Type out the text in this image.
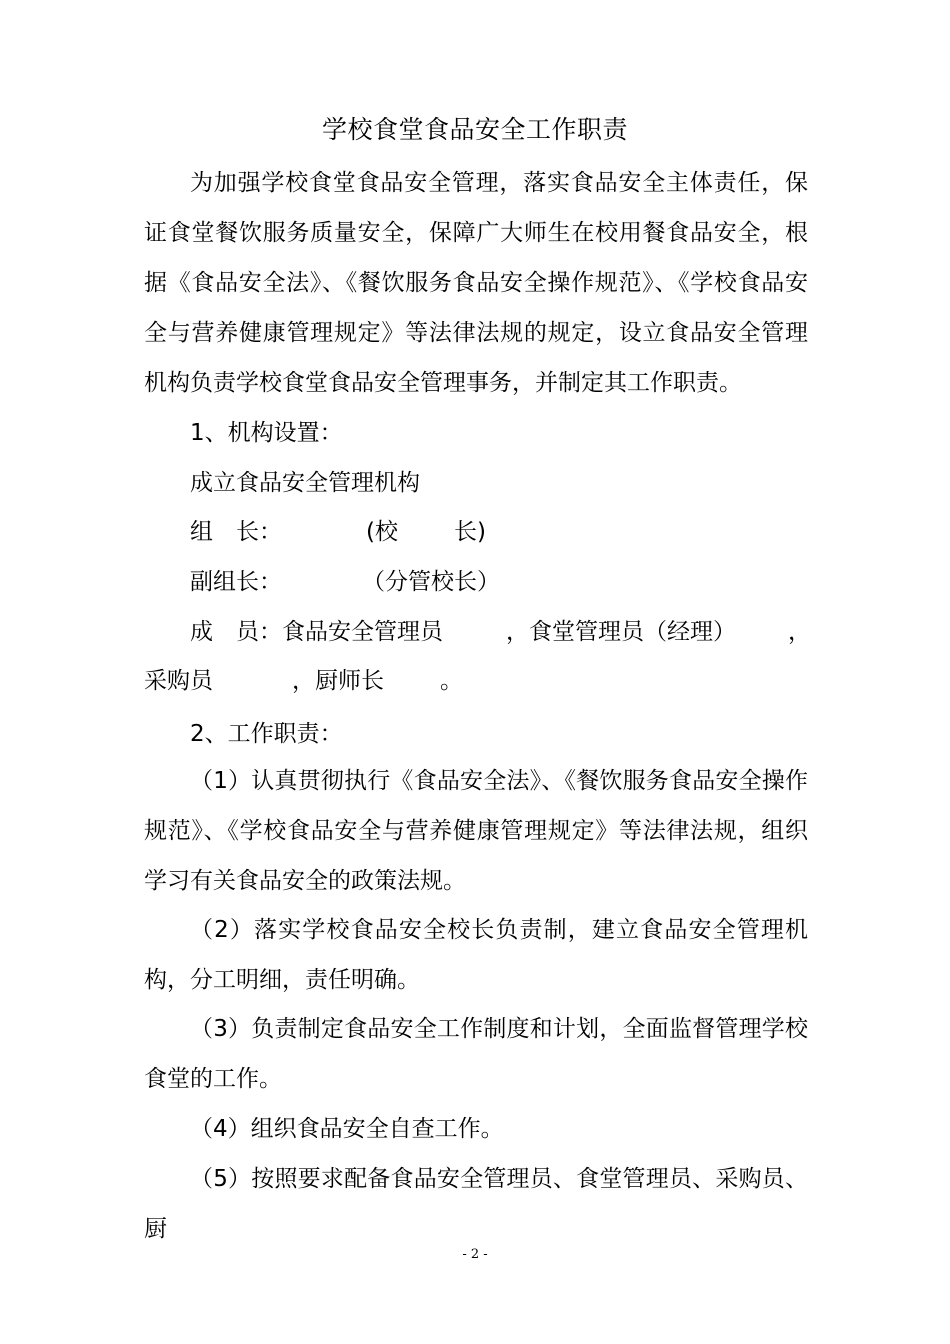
学校食堂食品安全工作职责
为加强学校食堂食品安全管理，落实食品安全主体责任，保证食堂餐饮服务质量安全，保障广大师生在校用餐食品安全，根据《食品安全法》、《餐饮服务食品安全操作规范》、《学校食品安全与营养健康管理规定》等法律法规的规定，设立食品安全管理机构负责学校食堂食品安全管理事务，并制定其工作职责。
1、机构设置：
成立食品安全管理机构
组　长：	(校 长)
副组长：	（分管校长）
成　员：食品安全管理员	，食堂管理员（经理） ，
采购员	，厨师长 。
2、工作职责：
（1）认真贯彻执行《食品安全法》、《餐饮服务食品安全操作规范》、《学校食品安全与营养健康管理规定》等法律法规，组织学习有关食品安全的政策法规。
（2）落实学校食品安全校长负责制，建立食品安全管理机构，分工明细，责任明确。
（3）负责制定食品安全工作制度和计划，全面监督管理学校食堂的工作。
（4）组织食品安全自查工作。
（5）按照要求配备食品安全管理员、食堂管理员、采购员、厨
- 2 -
